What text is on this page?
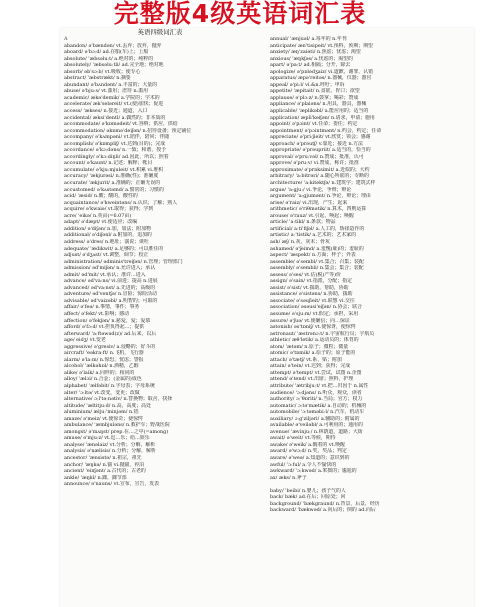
完整版4级英语词汇表
英语四级词汇表
A
abandon/ ə'bændən/ vt.丢弃；放弃，抛弃
aboard/ ə'bɔːd/ ad.在船(车)上；上船
absolute/ 'æbsəluːt/ a.绝对的；纯粹的
absolutely/ 'æbsəluːtli/ ad.完全地；绝对地
absorb/ əb'sɔːb/ vt.吸收；使专心
abstract/ 'æbstrækt/ n.摘要
abundant/ ə'bʌndənt/ a.丰富的；大量的
abuse/ ə'bjuːs/ vt.滥用；虐待 n.滥用
academic/ ækə'demik/ a.学院的；学术的
accelerate/ æk'seləreit/ vt.(使)加快；促进
access/ 'ækses/ n.接近；通道，入口
accidental/ æksi'dentl/ a.偶然的；非本质的
accommodate/ ə'kɒmədeit/ vt.容纳；供应，供给
accommodation/ əkɒmə'deiʃən/ n.招待设备；预定铺位
accompany/ ə'kʌmpəni/ vt.陪伴，陪同；伴随
accomplish/ ə'kɒmpliʃ/ vt.达到(目的)；完成
accordance/ ə'kɔːdəns/ n.一致；和谐，授予
accordingly/ ə'kɔːdiŋli/ ad.因此，所以；照着
account/ ə'kaunt/ n.记述；解释；帐目
accumulate/ ə'kjuːmjuleit/ vt.积累 vi.堆积
accuracy/ 'ækjurəsi/ n.准确(性)；准确度
accurate/ 'ækjurit/ a.准确的；正确无误的
accustomed/ ə'kʌstəmd/ a.惯常的；习惯的
acid/ 'æsid/ n.酸；酸的，酸性的
acquaintance/ ə'kweintəns/ n.认识；了解；熟人
acquire/ ə'kwaiə/ vt.取得；获得；学到
acre/ 'eikə/ n.英亩(=6.07亩)
adapt/ ə'dæpt/ vt.使适应；改编
addition/ ə'diʃən/ n.加，加法；附加物
additional/ ə'diʃənl/ a.附加的，追加的
address/ ə'dres/ n.地址；演说；谈吐
adequate/ 'ædikwit/ a.足够的；可以胜任的
adjust/ ə'dʒʌst/ vt.调整，调节；校正
administration/ ədminis'treiʃən/ n.管理；管理部门
admission/ əd'miʃən/ n.允许进入；承认
admit/ əd'mit/ vt.承认；准许…进入
advance/ əd'vaːns/ vi.前进；提高 n.进展
advanced/ əd'vaːnst/ a.先进的；高级的
adventure/ əd'ventʃə/ n.冒险；惊险活动
advisable/ əd'vaizəbl/ a.明智的；可取的
affair/ ə'feə/ n.事情，事件；事务
affect/ ə'fekt/ vt.影响；感动
affection/ ə'fekʃən/ n.慈爱，爱；爱慕
afford/ ə'fɔːd/ vt.担负得起…；提供
afterward/ 'aːftəwəd(z)/ ad.后来，以后
age/ eidʒ/ vt.变老
aggressive/ ə'gresiv/ a.侵略的；好斗的
aircraft/ 'eəkraːft/ n.飞机，飞行器
alarm/ ə'laːm/ n.惊恐，忧虑；警报
alcohol/ 'ælkəhɒl/ n.酒精，乙醇
alike/ ə'laik/ a.同样的；相同的
alloy/ 'ælɔi/ n.合金；(金属的)成色
alphabet/ 'ælfəbit/ n.字母表；字母系统
alter/ 'ɔːltə/ vt.改变，变更；改做
alternative/ ɔːl'təːnətiv/ n.替换物；取舍，抉择
altitude/ 'æltitjuːd/ n.高，高度；高处
aluminium/ æljuː'minjəm/ n.铝
amaze/ ə'meiz/ vt.使惊奇；使惊愕
ambulance/ 'æmbjuləns/ n.救护车；野战医院
amongst/ ə'mʌŋst/ prep.在…之中(=among)
amuse/ ə'mjuːz/ vt.逗…乐；给…娱乐
analyse/ 'ænəlaiz/ vt.分析；分解，解析
analysis/ ə'nælisis/ n.分析；分解，解析
ancestor/ 'ænsistə/ n.祖宗，祖先
anchor/ 'æŋkə/ n.锚 vi.抛锚，停泊
ancient/ 'einʃənt/ a.古代的；古老的
ankle/ 'æŋkl/ n.踝，踝节部
announce/ ə'nauns/ vt.宣布，宣告，发表
annual/ 'ænjuəl/ a.每年的 n.年刊
anticipate/ æn'tisipeit/ vt.预料，预期；期望
anxiety/ æŋ'zaiəti/ n.焦虑；忧虑；渴望
anxious/ 'æŋkʃəs/ a.忧虑的；渴望的
apart/ ə'paːt/ ad.相隔；分开，除去
apologize/ ə'pɒlədʒaiz/ vi.道歉，谢罪，认错
apparatus/ æpə'reitəs/ n.器械，仪器；器官
appeal/ ə'piːl/ vi.&n.呼吁；申诉
appetite/ 'æpitait/ n.食欲，胃口；欲望
applause/ ə'plɔːz/ n.鼓掌；喝彩；赞成
appliance/ ə'plaiəns/ n.用具，器具，器械
applicable/ 'æplikəbl/ a.能应用的；适当的
application/ æpli'keiʃən/ n.请求，申请；施用
appoint/ ə'pɔint/ vt.任命；委任；约定
appointment/ ə'pɔintmənt/ n.约会，约定；任命
appreciate/ ə'priːʃieit/ vt.欣赏；领会；感谢
approach/ ə'prəutʃ/ v.靠近；接近 n.方法
appropriate/ ə'prəupriit/ a.适当的，恰当的
approval/ ə'pruːvəl/ n.赞成；批准，认可
approve/ ə'pruːv/ vi.赞成，称许；批准
approximate/ ə'prɒksimit/ a.近似的；大约
arbitrary/ 'aːbitrəri/ a.随心所欲的；专断的
architecture/ 'aːkitektʃə/ n.建筑学；建筑式样
argue/ 'aːgjuː/ vi.争论，争辩；辩论
argument/ 'aːgjumənt/ n.争论，辩论；理由
arise/ ə'raiz/ vi.出现，产生；起来
arithmetic/ ə'riθmətik/ n.算术，四则运算
arouse/ ə'rauz/ vt.引起，唤起；唤醒
article/ 'aːtikl/ n.条款；物品
artificial/ aːti'fiʃəl/ a.人工的，矫揉造作的
artistic/ aː'tistik/ a.艺术的；艺术家的
ash/ æʃ/ n.灰，灰末；骨灰
ashamed/ ə'ʃeimd/ a.羞愧(耻)的；羞耻的
aspect/ 'æspekt/ n.方面；样子；外表
assemble/ ə'sembl/ vt.集合；召集；装配
assembly/ ə'sembli/ n.集会；集合；装配
assess/ ə'ses/ vt.估(税)产等)价
assign/ ə'sain/ vt.指派，分配；指定
assist/ ə'sist/ vt.援助，帮助，协助
assistance/ ə'sistəns/ n.协助，援助
associate/ ə'səuʃieit/ vt.联想 vi.交往
association/ əsəusi'eiʃən/ n.协会；联合
assume/ ə'sjuːm/ vt.假定；承担，采用
assure/ ə'ʃuə/ vt.使确信；向…保证
astonish/ əs'tɒniʃ/ vt.使惊讶，使惊愕
astronaut/ 'æstrənɔːt/ n.宇宙航行员；宇航员
athletic/ æθ'letik/ a.运动员的；体育的
atom/ 'ætəm/ n.原子；微粒；微量
atomic/ ə'tɒmik/ a.原子的；原子能的
attach/ ə'tætʃ/ vt.系，贴；附加
attain/ ə'tein/ vt.达到；获得；完成
attempt/ ə'tempt/ vt.尝试，试图 n.企图
attend/ ə'tend/ vt.出席；照料，护理
attribute/ 'ætribjuːt/ vt.把…归因于 n.属性
audience/ 'ɔːdjəns/ n.听众，观众，读者
authority/ ɔː'θɒriti/ n.当局；官方；权力
automatic/ ɔːtə'mætik/ a.自动的；机械的
automobile/ 'ɔːtəməbiːl/ n.汽车，机动车
auxiliary/ ɔːg'ziljəri/ a.辅助的；附属的
available/ ə'veiləbl/ a.可利用的；通用的
avenue/ 'ævinjuː/ n.林荫道，道路；大街
await/ ə'weit/ vt.等候，期待
awake/ ə'weik/ a.醒着的 vt.唤醒
award/ ə'wɔːd/ n.奖，奖品；判定
aware/ ə'weə/ a.知道的；意识到的
awful/ 'ɔːful/ a.令人不愉快的
awkward/ 'ɔːkwəd/ a.笨拙的；尴尬的
ax/ æks/ n.斧子
baby/ 'beibi/ n.婴儿；孩子气的人
back/ bæk/ ad.在后；回原处；回
background/ 'bækgraund/ n.背景，后景，经历
backward/ 'bækwəd/ a.向后的；倒的 ad.向后
